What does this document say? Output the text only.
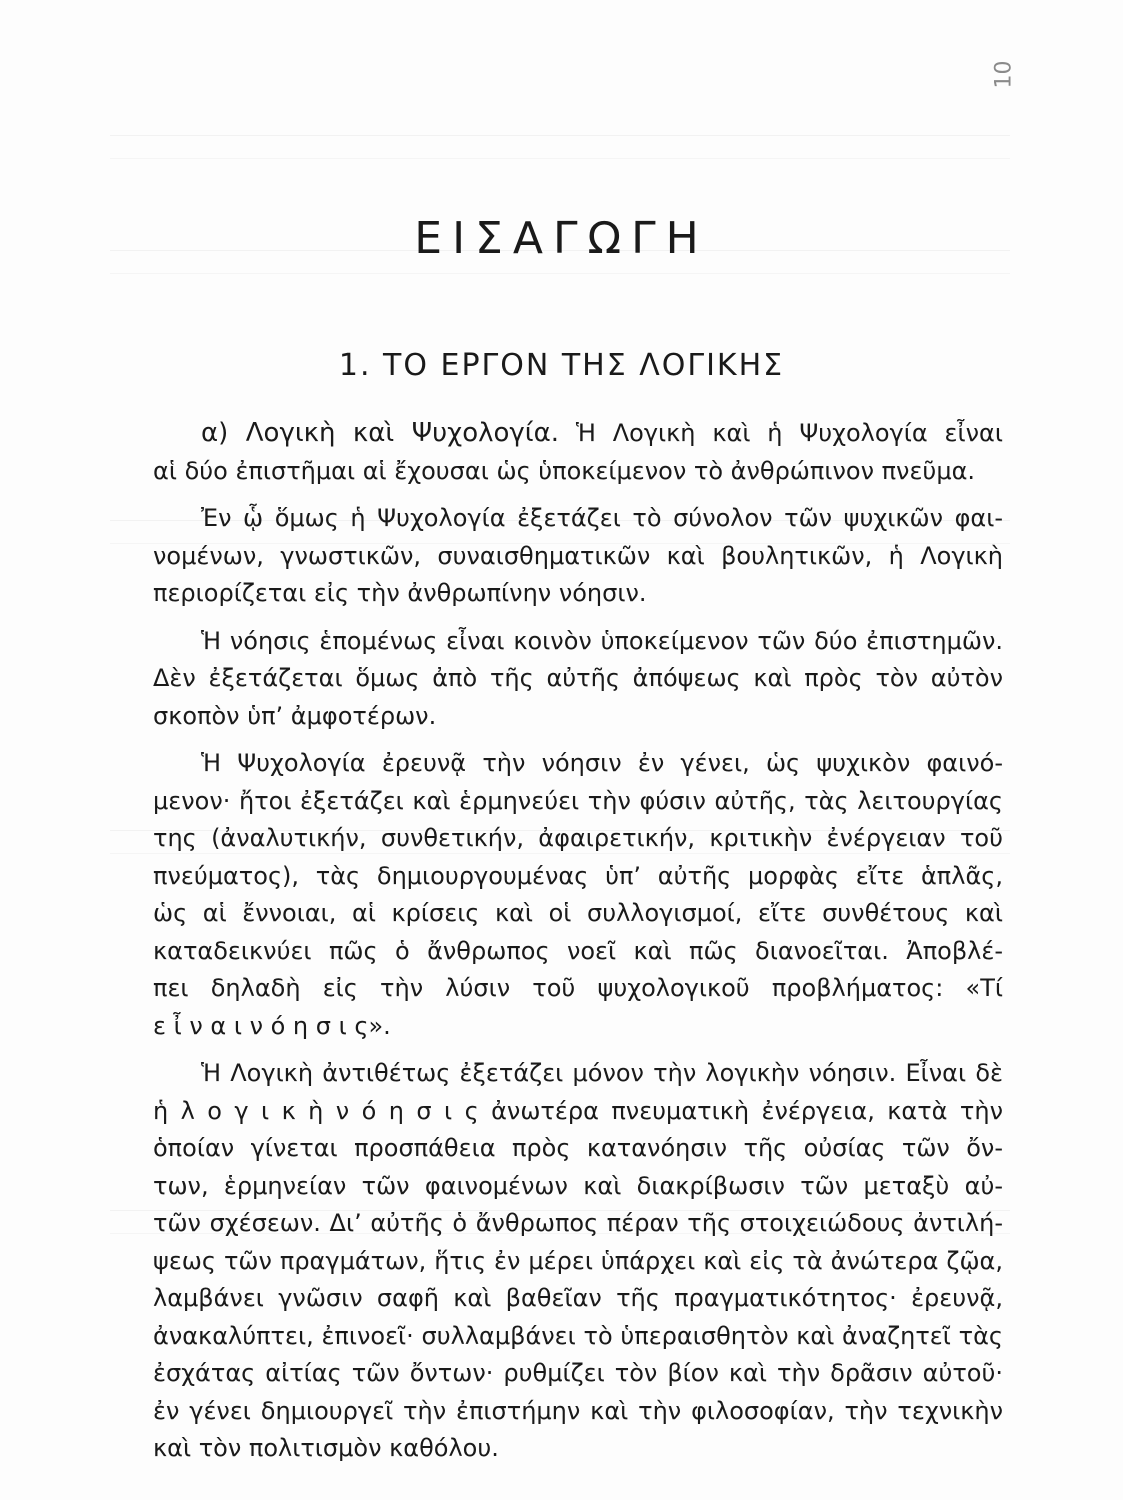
10
ΕΙΣΑΓΩΓΗ
1. ΤΟ ΕΡΓΟΝ ΤΗΣ ΛΟΓΙΚΗΣ

α) Λογικὴ καὶ Ψυχολογία. Ἡ Λογικὴ καὶ ἡ Ψυχολογία εἶναι
αἱ δύο ἐπιστῆμαι αἱ ἔχουσαι ὡς ὑποκείμενον τὸ ἀνθρώπινον πνεῦμα.

Ἐν ᾧ ὅμως ἡ Ψυχολογία ἐξετάζει τὸ σύνολον τῶν ψυχικῶν φαι-
νομένων, γνωστικῶν, συναισθηματικῶν καὶ βουλητικῶν, ἡ Λογικὴ
περιορίζεται εἰς τὴν ἀνθρωπίνην νόησιν.

Ἡ νόησις ἑπομένως εἶναι κοινὸν ὑποκείμενον τῶν δύο ἐπιστημῶν.
Δὲν ἐξετάζεται ὅμως ἀπὸ τῆς αὐτῆς ἀπόψεως καὶ πρὸς τὸν αὐτὸν
σκοπὸν ὑπ’ ἀμφοτέρων.

Ἡ Ψυχολογία ἐρευνᾷ τὴν νόησιν ἐν γένει, ὡς ψυχικὸν φαινό-
μενον· ἤτοι ἐξετάζει καὶ ἑρμηνεύει τὴν φύσιν αὐτῆς, τὰς λειτουργίας
της (ἀναλυτικήν, συνθετικήν, ἀφαιρετικήν, κριτικὴν ἐνέργειαν τοῦ
πνεύματος), τὰς δημιουργουμένας ὑπ’ αὐτῆς μορφὰς εἴτε ἁπλᾶς,
ὡς αἱ ἔννοιαι, αἱ κρίσεις καὶ οἱ συλλογισμοί, εἴτε συνθέτους καὶ
καταδεικνύει πῶς ὁ ἄνθρωπος νοεῖ καὶ πῶς διανοεῖται. Ἀποβλέ-
πει δηλαδὴ εἰς τὴν λύσιν τοῦ ψυχολογικοῦ προβλήματος: «Τί
ε ἶ ν α ι ν ό η σ ι ς».

Ἡ Λογικὴ ἀντιθέτως ἐξετάζει μόνον τὴν λογικὴν νόησιν. Εἶναι δὲ
ἡ λ ο γ ι κ ὴ ν ό η σ ι ς ἀνωτέρα πνευματικὴ ἐνέργεια, κατὰ τὴν
ὁποίαν γίνεται προσπάθεια πρὸς κατανόησιν τῆς οὐσίας τῶν ὄν-
των, ἑρμηνείαν τῶν φαινομένων καὶ διακρίβωσιν τῶν μεταξὺ αὐ-
τῶν σχέσεων. Δι’ αὐτῆς ὁ ἄνθρωπος πέραν τῆς στοιχειώδους ἀντιλή-
ψεως τῶν πραγμάτων, ἥτις ἐν μέρει ὑπάρχει καὶ εἰς τὰ ἀνώτερα ζῷα,
λαμβάνει γνῶσιν σαφῆ καὶ βαθεῖαν τῆς πραγματικότητος· ἐρευνᾷ,
ἀνακαλύπτει, ἐπινοεῖ· συλλαμβάνει τὸ ὑπεραισθητὸν καὶ ἀναζητεῖ τὰς
ἐσχάτας αἰτίας τῶν ὄντων· ρυθμίζει τὸν βίον καὶ τὴν δρᾶσιν αὐτοῦ·
ἐν γένει δημιουργεῖ τὴν ἐπιστήμην καὶ τὴν φιλοσοφίαν, τὴν τεχνικὴν
καὶ τὸν πολιτισμὸν καθόλου.
